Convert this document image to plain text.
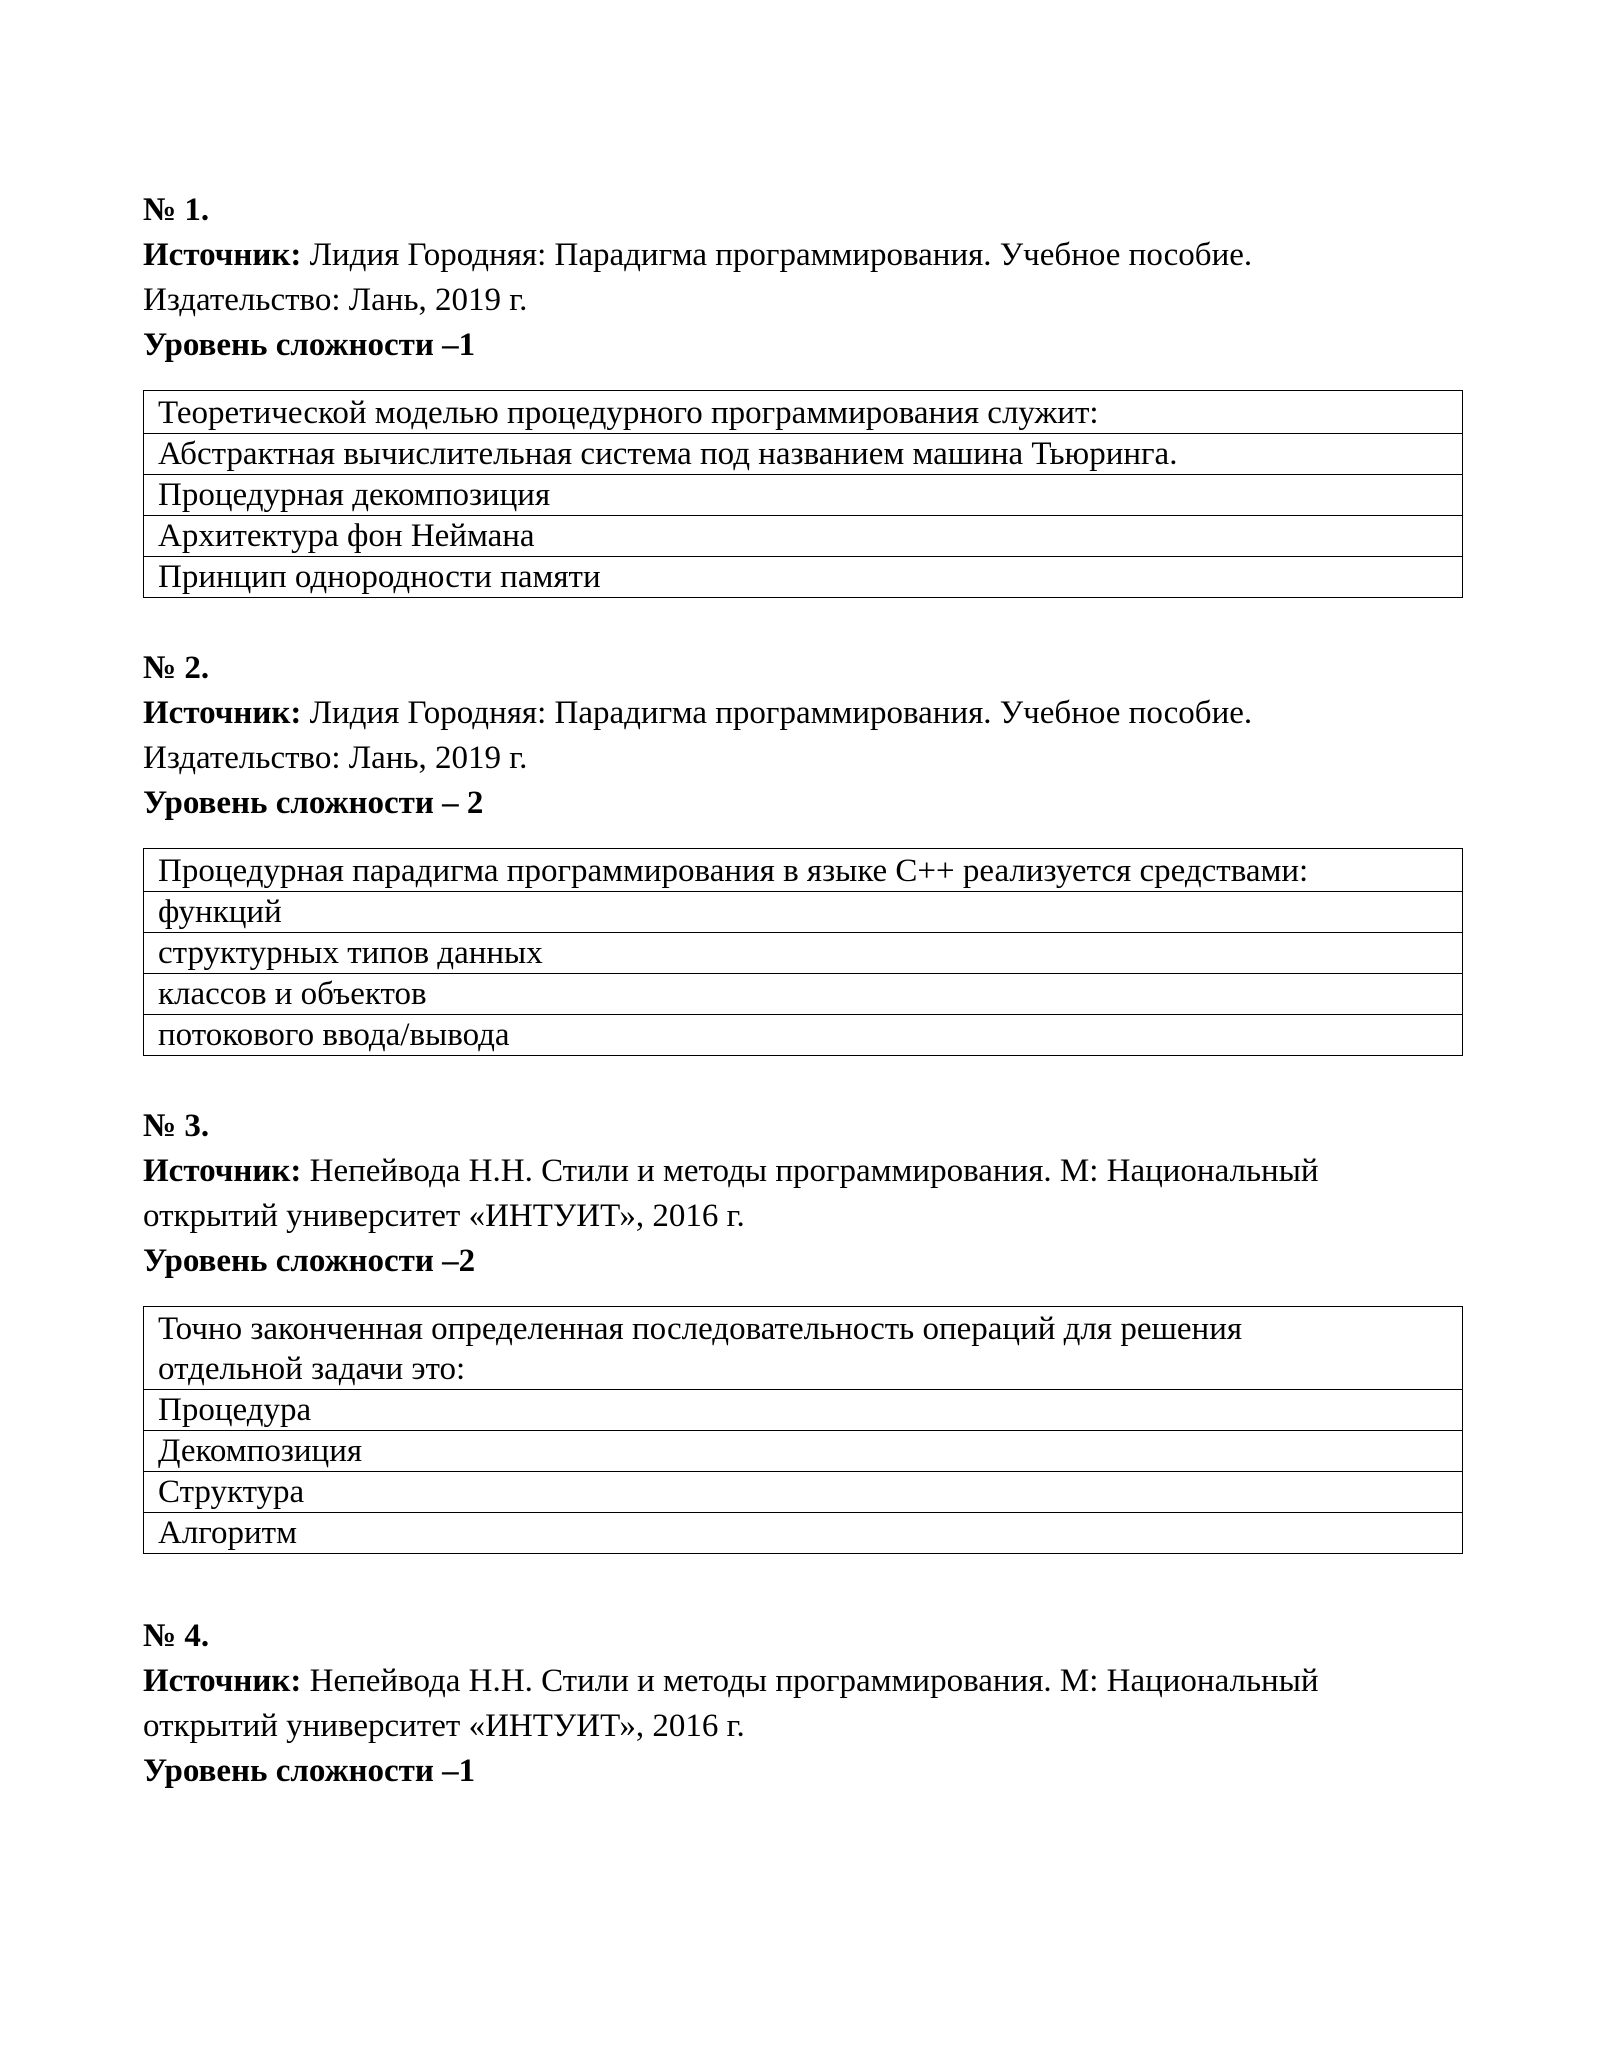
№ 1.

Источник: Лидия Городняя: Парадигма программирования. Учебное пособие.

Издательство: Лань, 2019 г.

Уровень сложности –1

Теоретической моделью процедурного программирования служит:
Абстрактная вычислительная система под названием машина Тьюринга.
Процедурная декомпозиция
Архитектура фон Неймана
Принцип однородности памяти

№ 2.

Источник: Лидия Городняя: Парадигма программирования. Учебное пособие.

Издательство: Лань, 2019 г.

Уровень сложности – 2

Процедурная парадигма программирования в языке С++ реализуется средствами:
функций
структурных типов данных
классов и объектов
потокового ввода/вывода

№ 3.

Источник: Непейвода Н.Н. Стили и методы программирования. М: Национальный

открытий университет «ИНТУИТ», 2016 г.

Уровень сложности –2

Точно законченная определенная последовательность операций для решения
отдельной задачи это:
Процедура
Декомпозиция
Структура
Алгоритм

№ 4.

Источник: Непейвода Н.Н. Стили и методы программирования. М: Национальный

открытий университет «ИНТУИТ», 2016 г.

Уровень сложности –1
